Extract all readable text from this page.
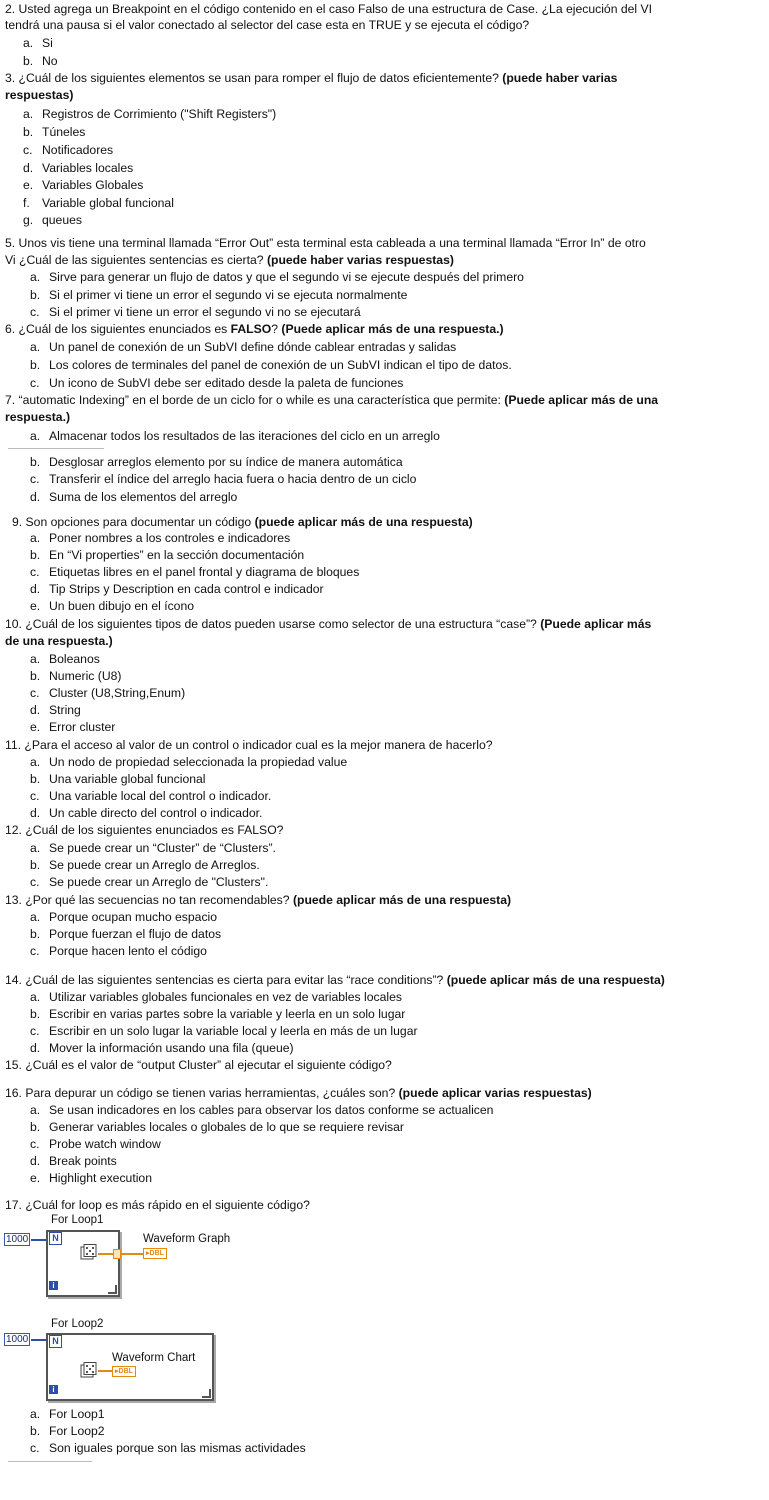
2. Usted agrega un Breakpoint en el código contenido en el caso Falso de una estructura de Case. ¿La ejecución del VI
tendrá una pausa si el valor conectado al selector del case esta en TRUE y se ejecuta el código?
a. Si
b. No
3. ¿Cuál de los siguientes elementos se usan para romper el flujo de datos eficientemente? (puede haber varias
respuestas)
a. Registros de Corrimiento ("Shift Registers")
b. Túneles
c. Notificadores
d. Variables locales
e. Variables Globales
f. Variable global funcional
g. queues
5. Unos vis tiene una terminal llamada “Error Out” esta terminal esta cableada a una terminal llamada “Error In” de otro
Vi ¿Cuál de las siguientes sentencias es cierta? (puede haber varias respuestas)
a. Sirve para generar un flujo de datos y que el segundo vi se ejecute después del primero
b. Si el primer vi tiene un error el segundo vi se ejecuta normalmente
c. Si el primer vi tiene un error el segundo vi no se ejecutará
6. ¿Cuál de los siguientes enunciados es FALSO? (Puede aplicar más de una respuesta.)
a. Un panel de conexión de un SubVI define dónde cablear entradas y salidas
b. Los colores de terminales del panel de conexión de un SubVI indican el tipo de datos.
c. Un icono de SubVI debe ser editado desde la paleta de funciones
7. “automatic Indexing” en el borde de un ciclo for o while es una característica que permite: (Puede aplicar más de una
respuesta.)
a. Almacenar todos los resultados de las iteraciones del ciclo en un arreglo
b. Desglosar arreglos elemento por su índice de manera automática
c. Transferir el índice del arreglo hacia fuera o hacia dentro de un ciclo
d. Suma de los elementos del arreglo
9. Son opciones para documentar un código (puede aplicar más de una respuesta)
a. Poner nombres a los controles e indicadores
b. En “Vi properties” en la sección documentación
c. Etiquetas libres en el panel frontal y diagrama de bloques
d. Tip Strips y Description en cada control e indicador
e. Un buen dibujo en el ícono
10. ¿Cuál de los siguientes tipos de datos pueden usarse como selector de una estructura “case”? (Puede aplicar más
de una respuesta.)
a. Boleanos
b. Numeric (U8)
c. Cluster (U8,String,Enum)
d. String
e. Error cluster
11. ¿Para el acceso al valor de un control o indicador cual es la mejor manera de hacerlo?
a. Un nodo de propiedad seleccionada la propiedad value
b. Una variable global funcional
c. Una variable local del control o indicador.
d. Un cable directo del control o indicador.
12. ¿Cuál de los siguientes enunciados es FALSO?
a. Se puede crear un “Cluster” de “Clusters”.
b. Se puede crear un Arreglo de Arreglos.
c. Se puede crear un Arreglo de "Clusters".
13. ¿Por qué las secuencias no tan recomendables? (puede aplicar más de una respuesta)
a. Porque ocupan mucho espacio
b. Porque fuerzan el flujo de datos
c. Porque hacen lento el código
14. ¿Cuál de las siguientes sentencias es cierta para evitar las “race conditions”? (puede aplicar más de una respuesta)
a. Utilizar variables globales funcionales en vez de variables locales
b. Escribir en varias partes sobre la variable y leerla en un solo lugar
c. Escribir en un solo lugar la variable local y leerla en más de un lugar
d. Mover la información usando una fila (queue)
15. ¿Cuál es el valor de “output Cluster” al ejecutar el siguiente código?
16. Para depurar un código se tienen varias herramientas, ¿cuáles son? (puede aplicar varias respuestas)
a. Se usan indicadores en los cables para observar los datos conforme se actualicen
b. Generar variables locales o globales de lo que se requiere revisar
c. Probe watch window
d. Break points
e. Highlight execution
17. ¿Cuál for loop es más rápido en el siguiente código?
For Loop1
1000	N	Waveform Graph
▸DBL
i
For Loop2
1000	N
Waveform Chart
▸DBL
i
a. For Loop1
b. For Loop2
c. Son iguales porque son las mismas actividades
